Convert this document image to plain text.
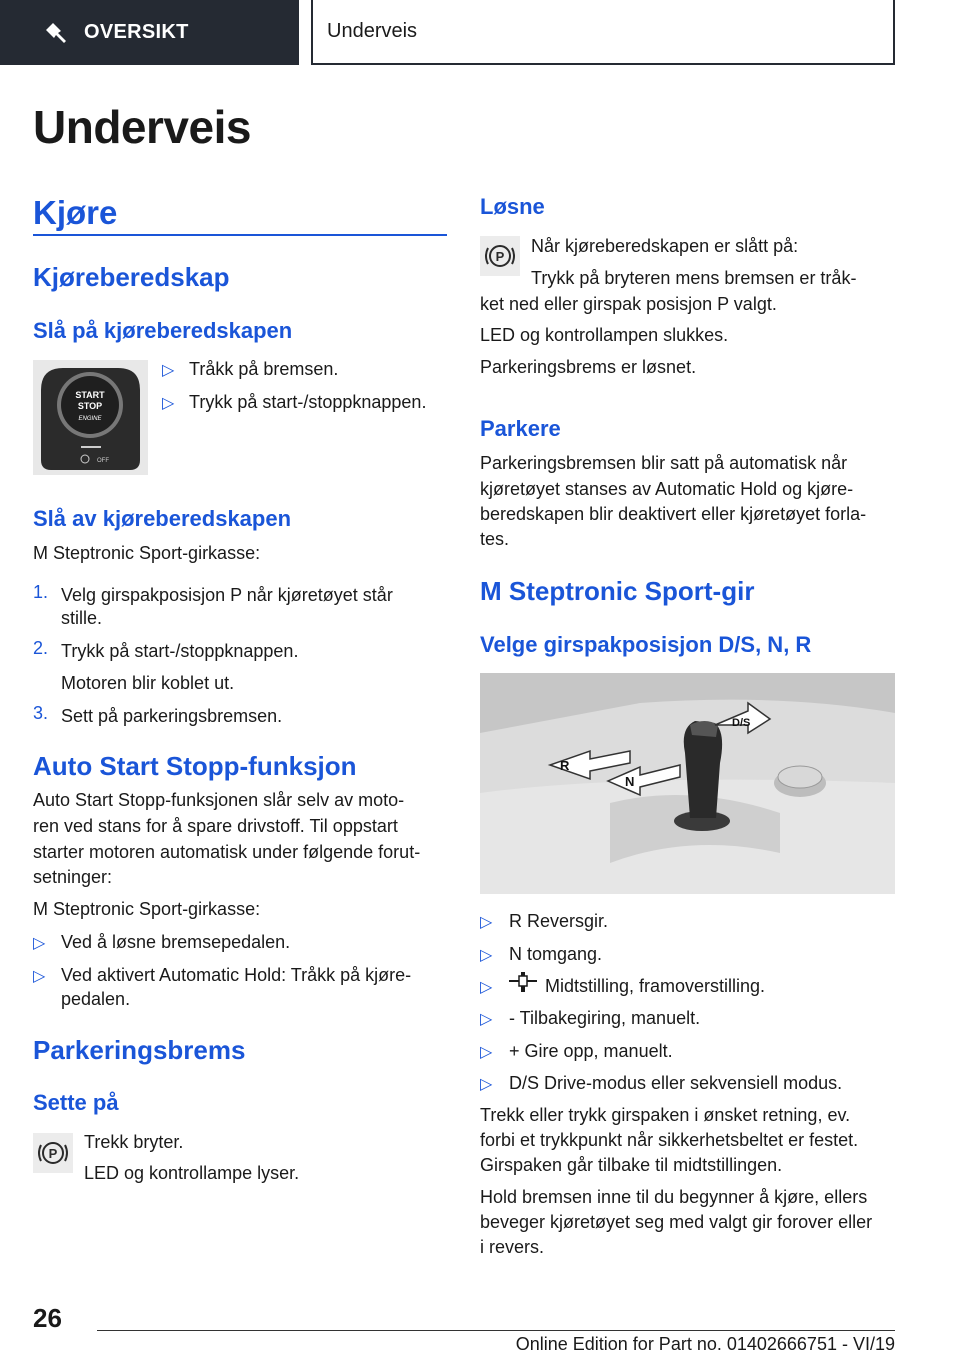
OVERSIKT	Underveis
Underveis
Kjøre
Kjøreberedskap
Slå på kjøreberedskapen
START
STOP
ENGINE
OFF
▷ Tråkk på bremsen.
▷ Trykk på start-/stoppknappen.
Slå av kjøreberedskapen
M Steptronic Sport-girkasse:
1. Velg girspakposisjon P når kjøretøyet står
stille.
2. Trykk på start-/stoppknappen.
Motoren blir koblet ut.
3. Sett på parkeringsbremsen.
Auto Start Stopp-funksjon
Auto Start Stopp-funksjonen slår selv av moto-
ren ved stans for å spare drivstoff. Til oppstart
starter motoren automatisk under følgende forut-
setninger:
M Steptronic Sport-girkasse:
▷ Ved å løsne bremsepedalen.
▷ Ved aktivert Automatic Hold: Tråkk på kjøre-
pedalen.
Parkeringsbrems
Sette på
P
Trekk bryter.
LED og kontrollampe lyser.
Løsne
P
Når kjøreberedskapen er slått på:
Trykk på bryteren mens bremsen er tråk-
ket ned eller girspak posisjon P valgt.
LED og kontrollampen slukkes.
Parkeringsbrems er løsnet.
Parkere
Parkeringsbremsen blir satt på automatisk når
kjøretøyet stanses av Automatic Hold og kjøre-
beredskapen blir deaktivert eller kjøretøyet forla-
tes.
M Steptronic Sport-gir
Velge girspakposisjon D/S, N, R
D/S
N
R
▷ R Reversgir.
▷ N tomgang.
▷	Midtstilling, framoverstilling.
▷ - Tilbakegiring, manuelt.
▷ + Gire opp, manuelt.
▷ D/S Drive-modus eller sekvensiell modus.
Trekk eller trykk girspaken i ønsket retning, ev.
forbi et trykkpunkt når sikkerhetsbeltet er festet.
Girspaken går tilbake til midtstillingen.
Hold bremsen inne til du begynner å kjøre, ellers
beveger kjøretøyet seg med valgt gir forover eller
i revers.
26
Online Edition for Part no. 01402666751 - VI/19
